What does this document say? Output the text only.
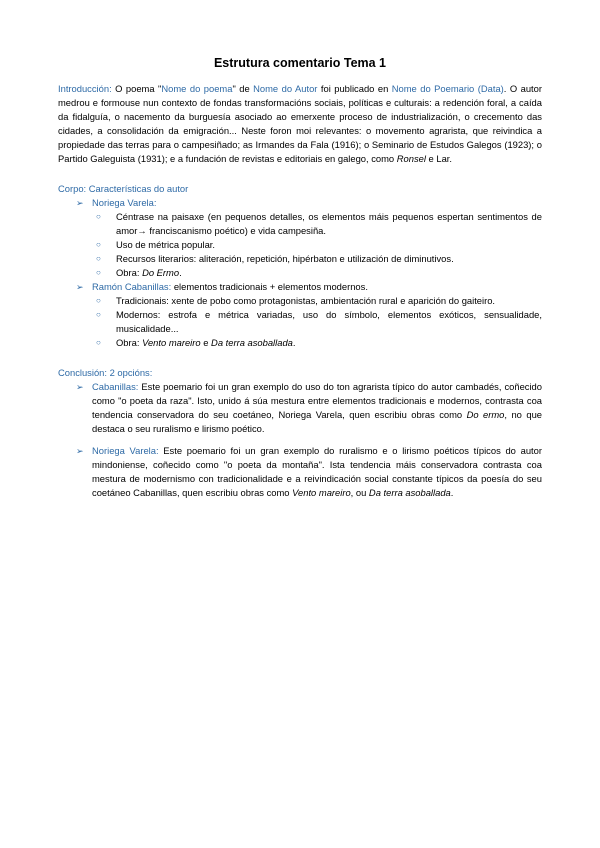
Estrutura comentario Tema 1

Introducción: O poema "Nome do poema" de Nome do Autor foi publicado en Nome do Poemario (Data). O autor medrou e formouse nun contexto de fondas transformacións sociais, políticas e culturais: a redención foral, a caída da fidalguía, o nacemento da burguesía asociado ao emerxente proceso de industrialización, o crecemento das cidades, a consolidación da emigración... Neste foron moi relevantes: o movemento agrarista, que reivindica a propiedade das terras para o campesiñado; as Irmandes da Fala (1916); o Seminario de Estudos Galegos (1923); o Partido Galeguista (1931); e a fundación de revistas e editoriais en galego, como Ronsel e Lar.

Corpo: Características do autor

➢ Noriega Varela:
○ Céntrase na paisaxe (en pequenos detalles, os elementos máis pequenos espertan sentimentos de amor→ franciscanismo poético) e vida campesiña.
○ Uso de métrica popular.
○ Recursos literarios: aliteración, repetición, hipérbaton e utilización de diminutivos.
○ Obra: Do Ermo.
➢ Ramón Cabanillas: elementos tradicionais + elementos modernos.
○ Tradicionais: xente de pobo como protagonistas, ambientación rural e aparición do gaiteiro.
○ Modernos: estrofa e métrica variadas, uso do símbolo, elementos exóticos, sensualidade, musicalidade...
○ Obra: Vento mareiro e Da terra asoballada.

Conclusión: 2 opcións:

➢ Cabanillas: Este poemario foi un gran exemplo do uso do ton agrarista típico do autor cambadés, coñecido como "o poeta da raza". Isto, unido á súa mestura entre elementos tradicionais e modernos, contrasta coa tendencia conservadora do seu coetáneo, Noriega Varela, quen escribiu obras como Do ermo, no que destaca o seu ruralismo e lirismo poético.
➢ Noriega Varela: Este poemario foi un gran exemplo do ruralismo e o lirismo poéticos típicos do autor mindoniense, coñecido como "o poeta da montaña". Ista tendencia máis conservadora contrasta coa mestura de modernismo con tradicionalidade e a reivindicación social constante típicos da poesía do seu coetáneo Cabanillas, quen escribiu obras como Vento mareiro, ou Da terra asoballada.
